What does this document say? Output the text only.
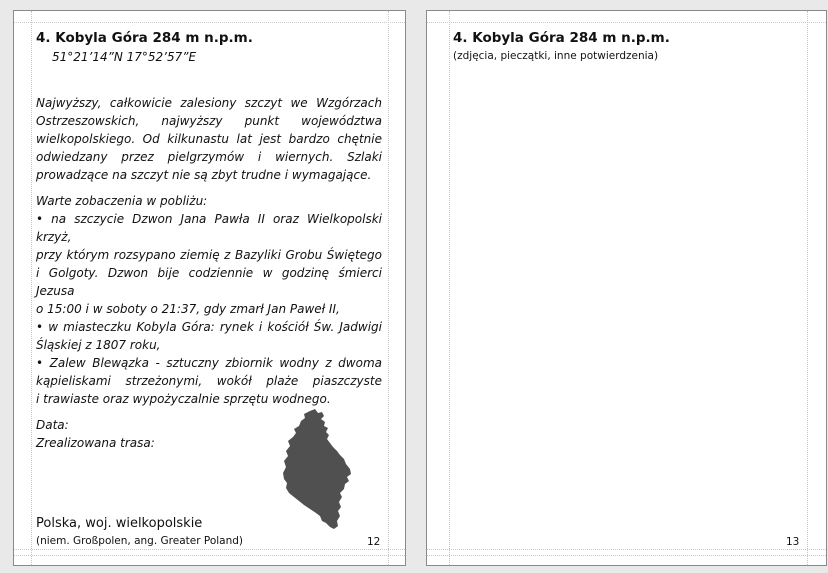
4. Kobyla Góra 284 m n.p.m.
51°21’14”N 17°52’57”E
Najwyższy, całkowicie zalesiony szczyt we Wzgórzach
Ostrzeszowskich, najwyższy punkt województwa
wielkopolskiego. Od kilkunastu lat jest bardzo chętnie
odwiedzany przez pielgrzymów i wiernych. Szlaki
prowadzące na szczyt nie są zbyt trudne i wymagające.
Warte zobaczenia w pobliżu:
• na szczycie Dzwon Jana Pawła II oraz Wielkopolski krzyż,
przy którym rozsypano ziemię z Bazyliki Grobu Świętego
i Golgoty. Dzwon bije codziennie w godzinę śmierci Jezusa
o 15:00 i w soboty o 21:37, gdy zmarł Jan Paweł II,
• w miasteczku Kobyla Góra: rynek i kościół Św. Jadwigi
Śląskiej z 1807 roku,
• Zalew Blewązka - sztuczny zbiornik wodny z dwoma
kąpieliskami strzeżonymi, wokół plaże piaszczyste
i trawiaste oraz wypożyczalnie sprzętu wodnego.
Data:
Zrealizowana trasa:
Polska, woj. wielkopolskie
(niem. Großpolen, ang. Greater Poland)	12
4. Kobyla Góra 284 m n.p.m.
(zdjęcia, pieczątki, inne potwierdzenia)
13
